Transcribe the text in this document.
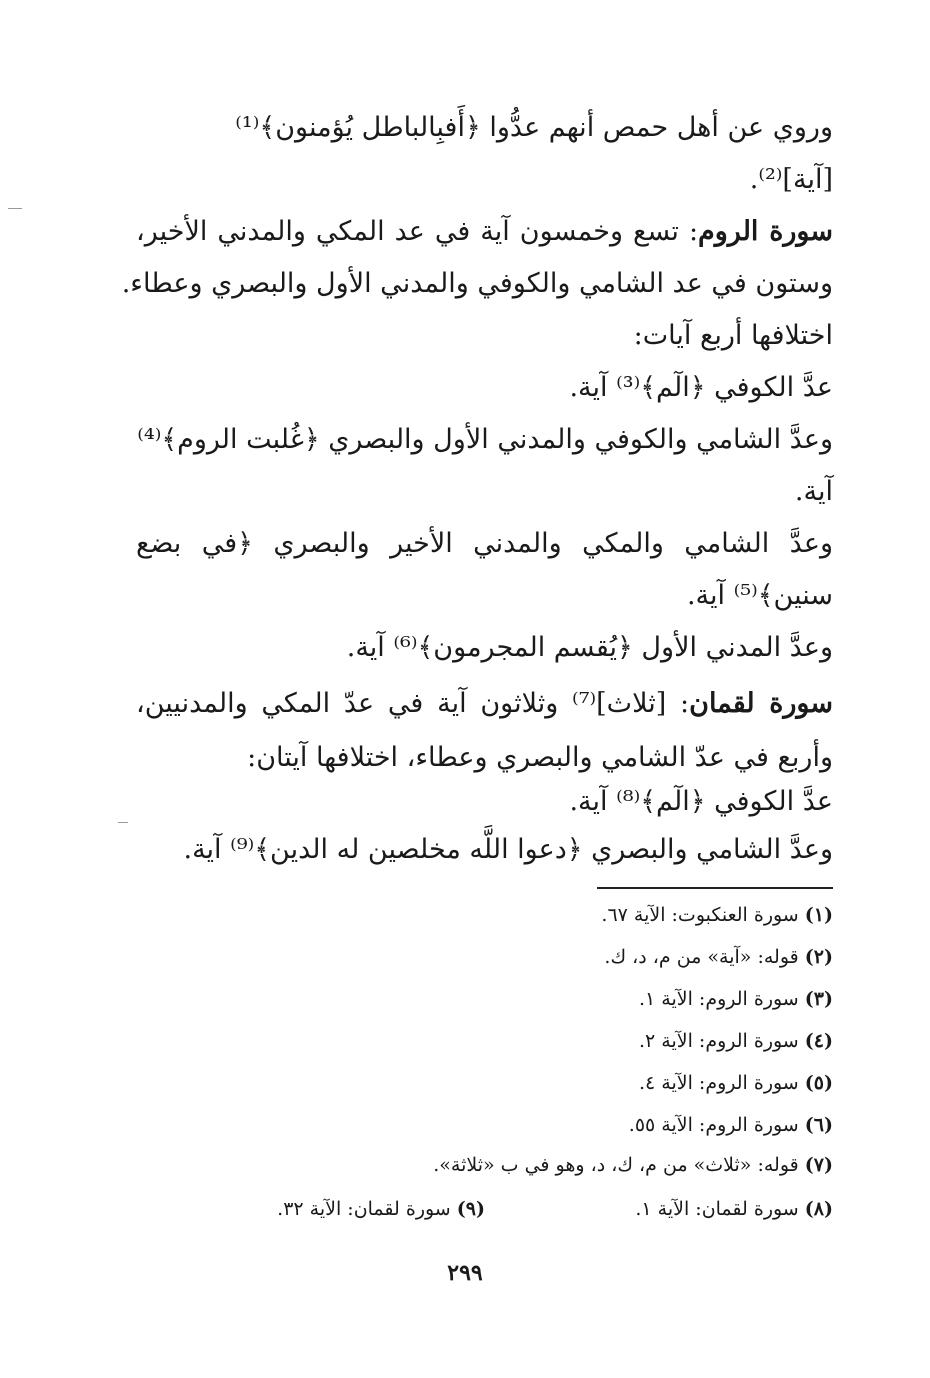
وروي عن أهل حمص أنهم عدُّوا ﴿أَفبِالباطل يُؤمنون﴾⁽¹⁾
[آية]⁽²⁾.
سورة الروم: تسع وخمسون آية في عد المكي والمدني الأخير،
وستون في عد الشامي والكوفي والمدني الأول والبصري وعطاء.
اختلافها أربع آيات:
عدَّ الكوفي ﴿الٓم﴾⁽³⁾ آية.
وعدَّ الشامي والكوفي والمدني الأول والبصري ﴿غُلبت الروم﴾⁽⁴⁾
آية.
وعدَّ الشامي والمكي والمدني الأخير والبصري ﴿في بضع
سنين﴾⁽⁵⁾ آية.
وعدَّ المدني الأول ﴿يُقسم المجرمون﴾⁽⁶⁾ آية.
سورة لقمان: [ثلاث]⁽⁷⁾ وثلاثون آية في عدّ المكي والمدنيين،
وأربع في عدّ الشامي والبصري وعطاء، اختلافها آيتان:
عدَّ الكوفي ﴿الٓم﴾⁽⁸⁾ آية.
وعدَّ الشامي والبصري ﴿دعوا اللَّه مخلصين له الدين﴾⁽⁹⁾ آية.
(١) سورة العنكبوت: الآية ٦٧.
(٢) قوله: «آية» من م، د، ك.
(٣) سورة الروم: الآية ١.
(٤) سورة الروم: الآية ٢.
(٥) سورة الروم: الآية ٤.
(٦) سورة الروم: الآية ٥٥.
(٧) قوله: «ثلاث» من م، ك، د، وهو في ب «ثلاثة».
(٨) سورة لقمان: الآية ١.
(٩) سورة لقمان: الآية ٣٢.
٢٩٩
